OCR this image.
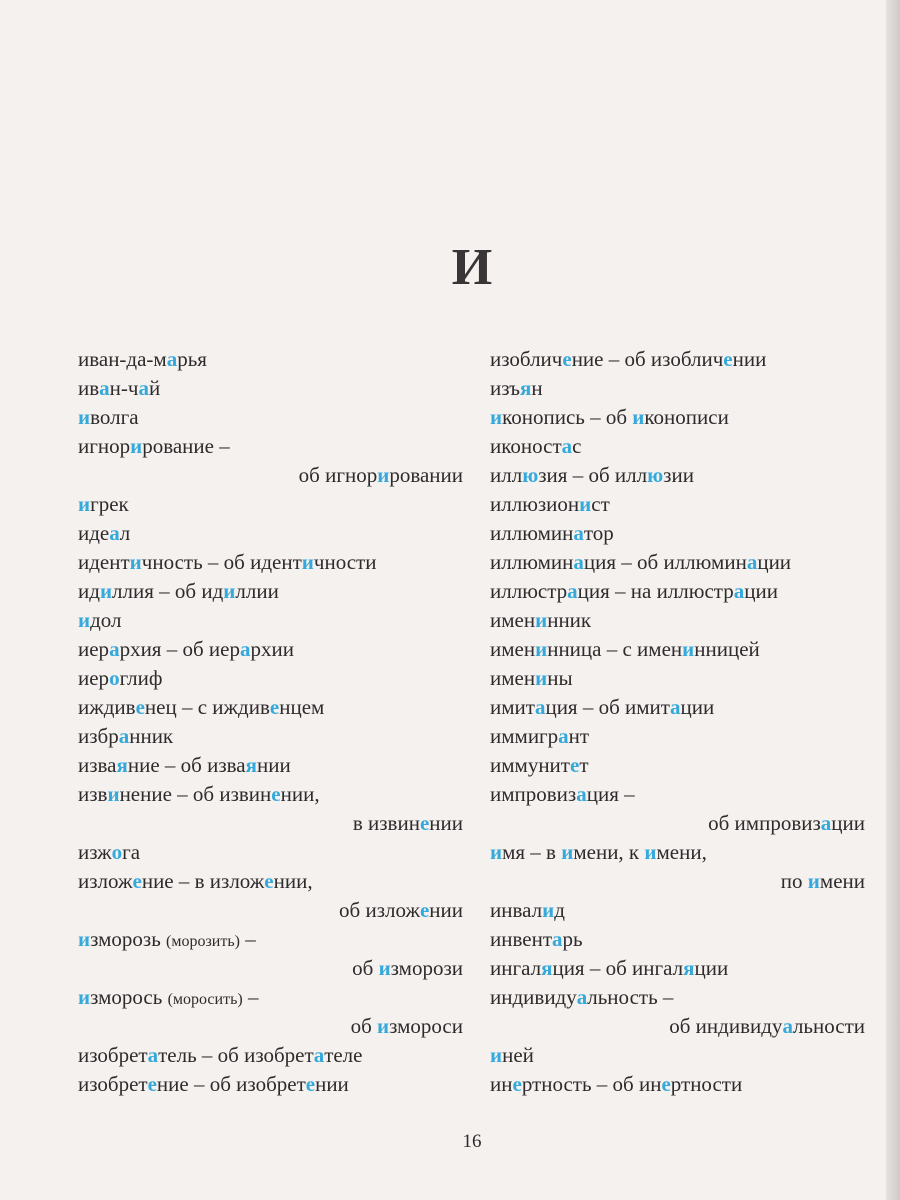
И
иван-да-марья
иван-чай
иволга
игнорирование –
об игнорировании
игрек
идеал
идентичность – об идентичности
идиллия – об идиллии
идол
иерархия – об иерархии
иероглиф
иждивенец – с иждивенцем
избранник
изваяние – об изваянии
извинение – об извинении,
в извинении
изжога
изложение – в изложении,
об изложении
изморозь (морозить) –
об изморози
изморось (моросить) –
об измороси
изобретатель – об изобретателе
изобретение – об изобретении
изобличение – об изобличении
изъян
иконопись – об иконописи
иконостас
иллюзия – об иллюзии
иллюзионист
иллюминатор
иллюминация – об иллюминации
иллюстрация – на иллюстрации
именинник
именинница – с именинницей
именины
имитация – об имитации
иммигрант
иммунитет
импровизация –
об импровизации
имя – в имени, к имени,
по имени
инвалид
инвентарь
ингаляция – об ингаляции
индивидуальность –
об индивидуальности
иней
инертность – об инертности
16
